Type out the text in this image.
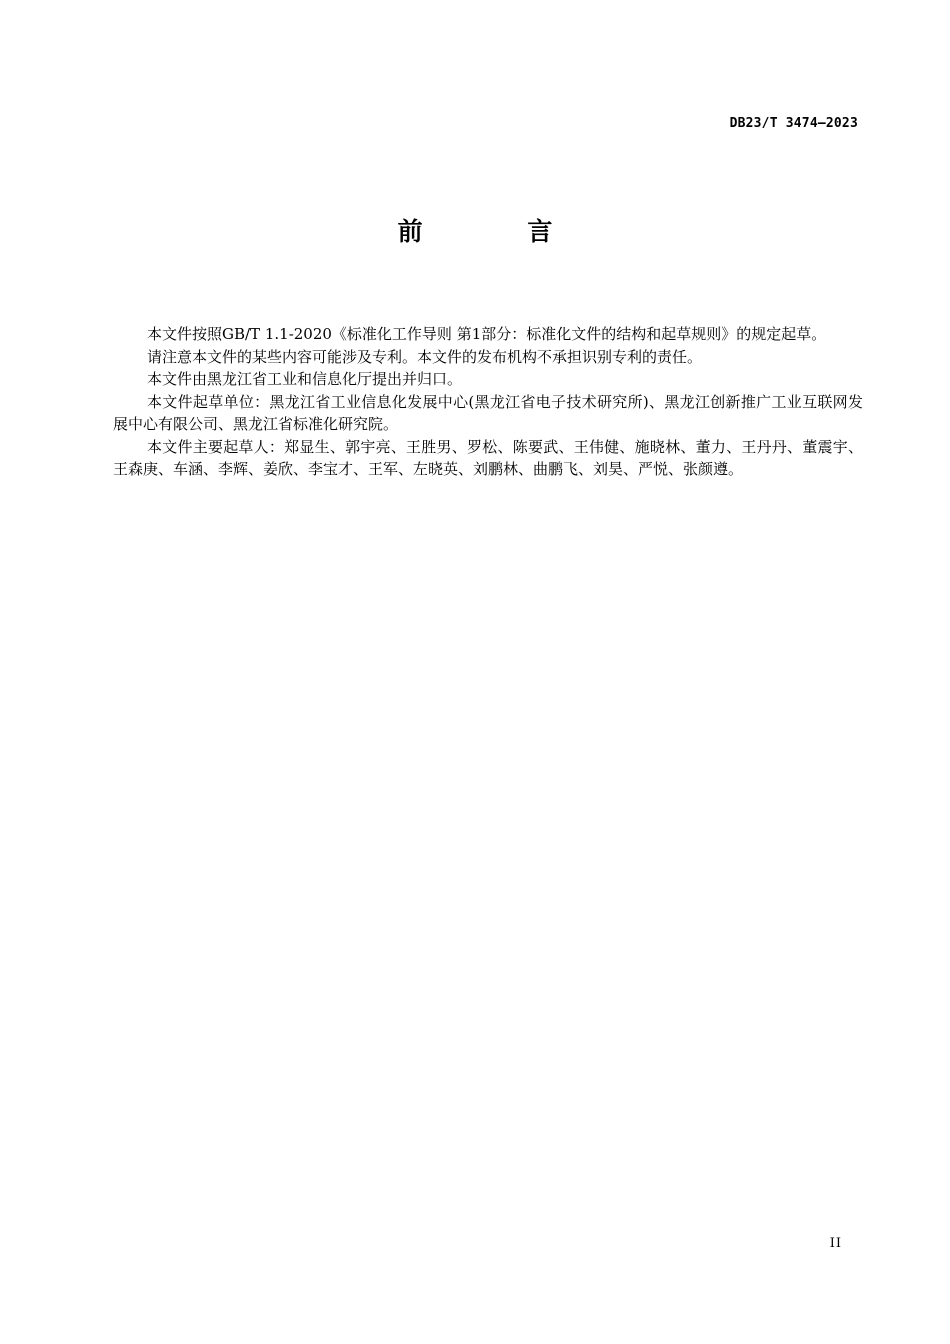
DB23/T 3474—2023
前 言

本文件按照GB/T 1.1-2020《标准化工作导则 第1部分：标准化文件的结构和起草规则》的规定起草。

请注意本文件的某些内容可能涉及专利。本文件的发布机构不承担识别专利的责任。

本文件由黑龙江省工业和信息化厅提出并归口。

本文件起草单位：黑龙江省工业信息化发展中心(黑龙江省电子技术研究所)、黑龙江创新推广工业互联网发展中心有限公司、黑龙江省标准化研究院。

本文件主要起草人：郑显生、郭宇亮、王胜男、罗松、陈要武、王伟健、施晓林、董力、王丹丹、董震宇、王森庚、车涵、李辉、姜欣、李宝才、王军、左晓英、刘鹏林、曲鹏飞、刘昊、严悦、张颜遵。

II
